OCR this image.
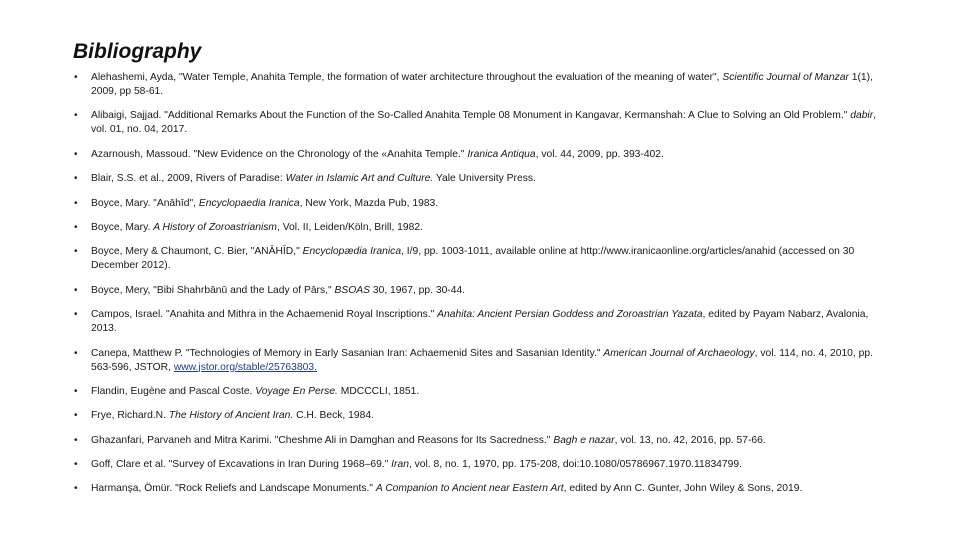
Bibliography
• Alehashemi, Ayda, "Water Temple, Anahita Temple, the formation of water architecture throughout the evaluation of the meaning of water", Scientific Journal of Manzar 1(1), 2009, pp 58-61.
• Alibaigi, Sajjad. "Additional Remarks About the Function of the So-Called Anahita Temple 08 Monument in Kangavar, Kermanshah: A Clue to Solving an Old Problem." dabir, vol. 01, no. 04, 2017.
• Azarnoush, Massoud. "New Evidence on the Chronology of the «Anahita Temple." Iranica Antiqua, vol. 44, 2009, pp. 393-402.
• Blair, S.S. et al., 2009, Rivers of Paradise: Water in Islamic Art and Culture. Yale University Press.
• Boyce, Mary. "Anāhīd", Encyclopaedia Iranica, New York, Mazda Pub, 1983.
• Boyce, Mary. A History of Zoroastrianism, Vol. II, Leiden/Köln, Brill, 1982.
• Boyce, Mery & Chaumont, C. Bier, "ANĀHĪD," Encyclopædia Iranica, I/9, pp. 1003-1011, available online at http://www.iranicaonline.org/articles/anahid (accessed on 30 December 2012).
• Boyce, Mery, "Bibi Shahrbānū and the Lady of Pārs," BSOAS 30, 1967, pp. 30-44.
• Campos, Israel. "Anahita and Mithra in the Achaemenid Royal Inscriptions." Anahita: Ancient Persian Goddess and Zoroastrian Yazata, edited by Payam Nabarz, Avalonia, 2013.
• Canepa, Matthew P. "Technologies of Memory in Early Sasanian Iran: Achaemenid Sites and Sasanian Identity." American Journal of Archaeology, vol. 114, no. 4, 2010, pp. 563-596, JSTOR, www.jstor.org/stable/25763803.
• Flandin, Eugène and Pascal Coste. Voyage En Perse. MDCCCLI, 1851.
• Frye, Richard.N. The History of Ancient Iran. C.H. Beck, 1984.
• Ghazanfari, Parvaneh and Mitra Karimi. "Cheshme Ali in Damghan and Reasons for Its Sacredness." Bagh e nazar, vol. 13, no. 42, 2016, pp. 57-66.
• Goff, Clare et al. "Survey of Excavations in Iran During 1968–69." Iran, vol. 8, no. 1, 1970, pp. 175-208, doi:10.1080/05786967.1970.11834799.
• Harmanşa, Ömür. "Rock Reliefs and Landscape Monuments." A Companion to Ancient near Eastern Art, edited by Ann C. Gunter, John Wiley & Sons, 2019.
